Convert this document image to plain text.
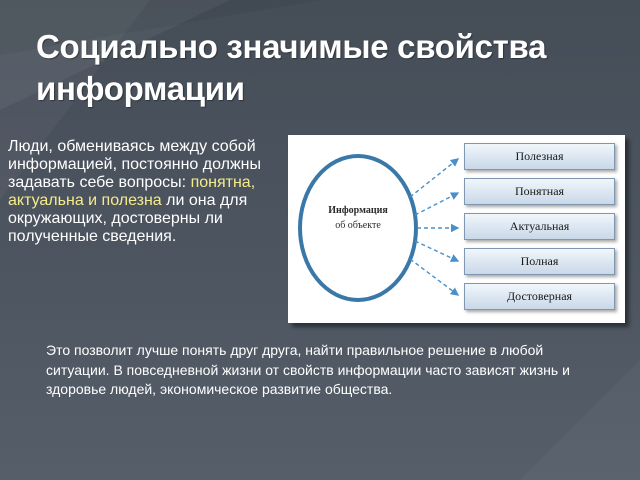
Социально значимые свойства информации
Люди, обмениваясь между собой информацией, постоянно должны задавать себе вопросы: понятна, актуальна и полезна ли она для окружающих, достоверны ли полученные сведения.
Информация
об объекте
Полезная
Понятная
Актуальная
Полная
Достоверная

Это позволит лучше понять друг друга, найти правильное решение в любой ситуации. В повседневной жизни от свойств информации часто зависят жизнь и здоровье людей, экономическое развитие общества.
